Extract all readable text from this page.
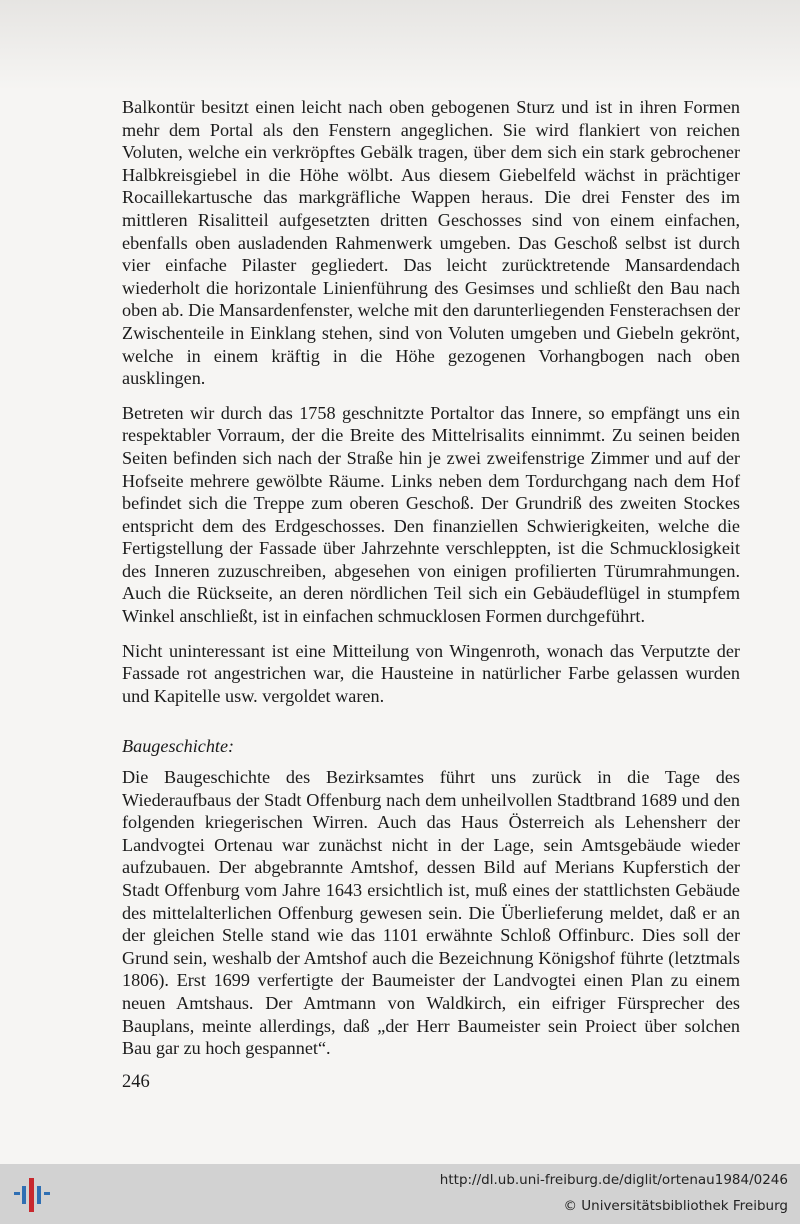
Balkontür besitzt einen leicht nach oben gebogenen Sturz und ist in ihren Formen mehr dem Portal als den Fenstern angeglichen. Sie wird flankiert von reichen Voluten, welche ein verkröpftes Gebälk tragen, über dem sich ein stark gebrochener Halbkreisgiebel in die Höhe wölbt. Aus diesem Giebelfeld wächst in prächtiger Rocaillekartusche das markgräfliche Wappen heraus. Die drei Fenster des im mittleren Risalitteil aufgesetzten dritten Geschosses sind von einem einfachen, ebenfalls oben ausladenden Rahmenwerk umgeben. Das Geschoß selbst ist durch vier einfache Pilaster gegliedert. Das leicht zurücktretende Mansardendach wiederholt die horizontale Linienführung des Gesimses und schließt den Bau nach oben ab. Die Mansardenfenster, welche mit den darunterliegenden Fensterachsen der Zwischenteile in Einklang stehen, sind von Voluten umgeben und Giebeln gekrönt, welche in einem kräftig in die Höhe gezogenen Vorhangbogen nach oben ausklingen.

Betreten wir durch das 1758 geschnitzte Portaltor das Innere, so empfängt uns ein respektabler Vorraum, der die Breite des Mittelrisalits einnimmt. Zu seinen beiden Seiten befinden sich nach der Straße hin je zwei zweifenstrige Zimmer und auf der Hofseite mehrere gewölbte Räume. Links neben dem Tordurchgang nach dem Hof befindet sich die Treppe zum oberen Geschoß. Der Grundriß des zweiten Stockes entspricht dem des Erdgeschosses. Den finanziellen Schwierigkeiten, welche die Fertigstellung der Fassade über Jahrzehnte verschleppten, ist die Schmucklosigkeit des Inneren zuzuschreiben, abgesehen von einigen profilierten Türumrahmungen. Auch die Rückseite, an deren nördlichen Teil sich ein Gebäudeflügel in stumpfem Winkel anschließt, ist in einfachen schmucklosen Formen durchgeführt.

Nicht uninteressant ist eine Mitteilung von Wingenroth, wonach das Verputzte der Fassade rot angestrichen war, die Hausteine in natürlicher Farbe gelassen wurden und Kapitelle usw. vergoldet waren.

Baugeschichte:

Die Baugeschichte des Bezirksamtes führt uns zurück in die Tage des Wiederaufbaus der Stadt Offenburg nach dem unheilvollen Stadtbrand 1689 und den folgenden kriegerischen Wirren. Auch das Haus Österreich als Lehensherr der Landvogtei Ortenau war zunächst nicht in der Lage, sein Amtsgebäude wieder aufzubauen. Der abgebrannte Amtshof, dessen Bild auf Merians Kupferstich der Stadt Offenburg vom Jahre 1643 ersichtlich ist, muß eines der stattlichsten Gebäude des mittelalterlichen Offenburg gewesen sein. Die Überlieferung meldet, daß er an der gleichen Stelle stand wie das 1101 erwähnte Schloß Offinburc. Dies soll der Grund sein, weshalb der Amtshof auch die Bezeichnung Königshof führte (letztmals 1806). Erst 1699 verfertigte der Baumeister der Landvogtei einen Plan zu einem neuen Amtshaus. Der Amtmann von Waldkirch, ein eifriger Fürsprecher des Bauplans, meinte allerdings, daß „der Herr Baumeister sein Proiect über solchen Bau gar zu hoch gespannet“.

246
http://dl.ub.uni-freiburg.de/diglit/ortenau1984/0246
© Universitätsbibliothek Freiburg
